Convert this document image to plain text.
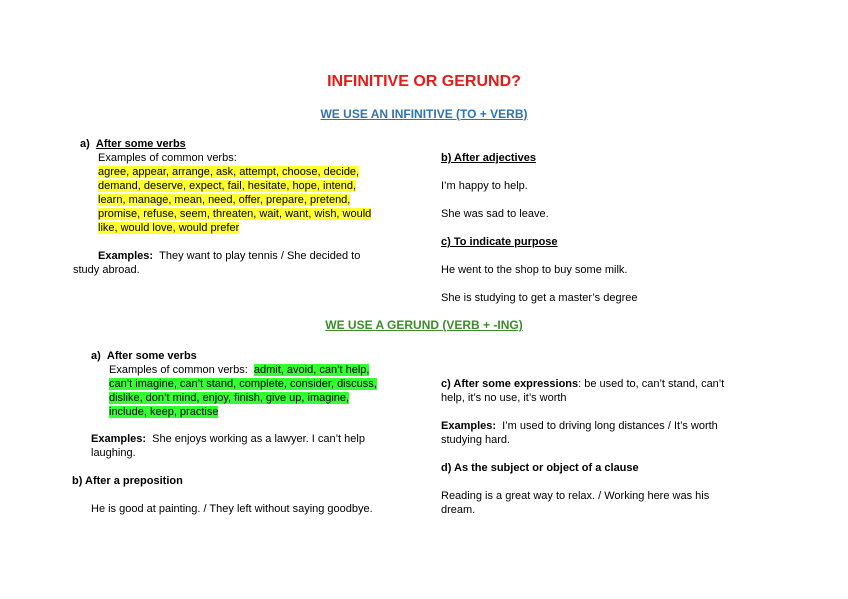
INFINITIVE OR GERUND?
WE USE AN INFINITIVE (TO + VERB)
a) After some verbs
Examples of common verbs:
agree, appear, arrange, ask, attempt, choose, decide,
demand, deserve, expect, fail, hesitate, hope, intend,
learn, manage, mean, need, offer, prepare, pretend,
promise, refuse, seem, threaten, wait, want, wish, would
like, would love, would prefer
Examples: They want to play tennis / She decided to
study abroad.
b) After adjectives
I’m happy to help.
She was sad to leave.
c) To indicate purpose
He went to the shop to buy some milk.
She is studying to get a master’s degree
WE USE A GERUND (VERB + -ING)
a) After some verbs
Examples of common verbs: admit, avoid, can’t help,
can’t imagine, can’t stand, complete, consider, discuss,
dislike, don’t mind, enjoy, finish, give up, imagine,
include, keep, practise
Examples: She enjoys working as a lawyer. I can’t help
laughing.
b) After a preposition
He is good at painting. / They left without saying goodbye.
c) After some expressions: be used to, can’t stand, can’t
help, it’s no use, it’s worth
Examples: I’m used to driving long distances / It’s worth
studying hard.
d) As the subject or object of a clause
Reading is a great way to relax. / Working here was his
dream.
